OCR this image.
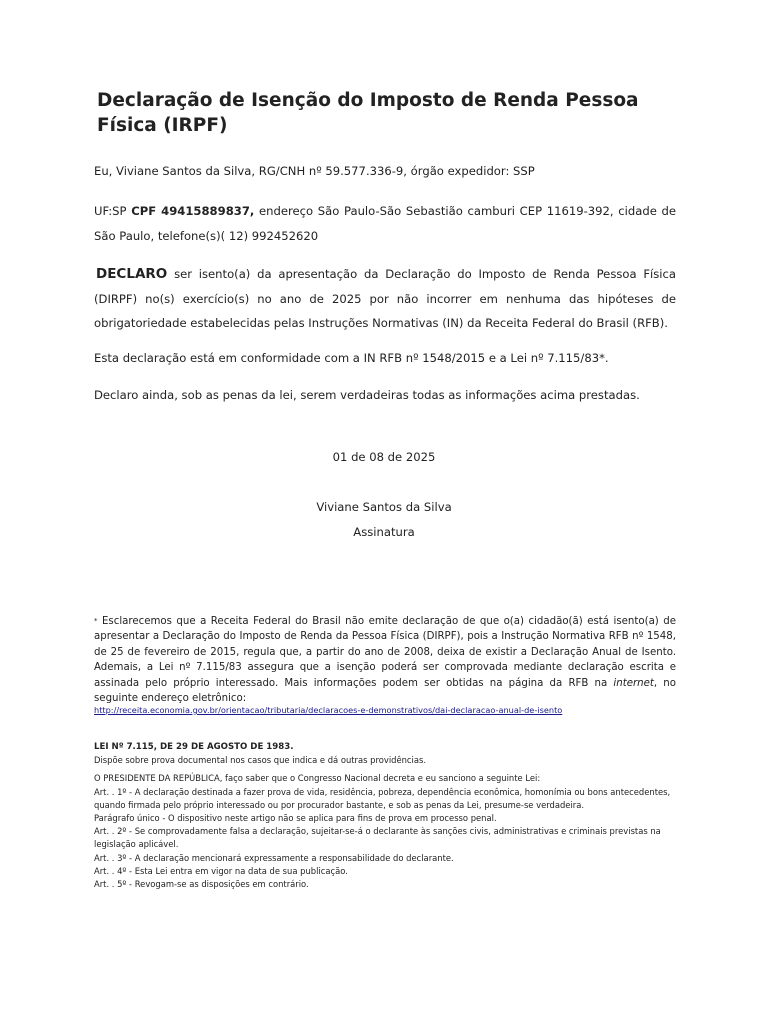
Declaração de Isenção do Imposto de Renda Pessoa Física (IRPF)

Eu, Viviane Santos da Silva, RG/CNH nº 59.577.336-9, órgão expedidor: SSP

UF:SP CPF 49415889837, endereço São Paulo-São Sebastião camburi CEP 11619-392, cidade de São Paulo, telefone(s)( 12) 992452620

DECLARO ser isento(a) da apresentação da Declaração do Imposto de Renda Pessoa Física (DIRPF) no(s) exercício(s) no ano de 2025 por não incorrer em nenhuma das hipóteses de obrigatoriedade estabelecidas pelas Instruções Normativas (IN) da Receita Federal do Brasil (RFB).

Esta declaração está em conformidade com a IN RFB nº 1548/2015 e a Lei nº 7.115/83*.

Declaro ainda, sob as penas da lei, serem verdadeiras todas as informações acima prestadas.

01 de 08 de 2025

Viviane Santos da Silva

Assinatura

* Esclarecemos que a Receita Federal do Brasil não emite declaração de que o(a) cidadão(ã) está isento(a) de apresentar a Declaração do Imposto de Renda da Pessoa Física (DIRPF), pois a Instrução Normativa RFB nº 1548, de 25 de fevereiro de 2015, regula que, a partir do ano de 2008, deixa de existir a Declaração Anual de Isento. Ademais, a Lei nº 7.115/83 assegura que a isenção poderá ser comprovada mediante declaração escrita e assinada pelo próprio interessado. Mais informações podem ser obtidas na página da RFB na internet, no seguinte endereço eletrônico:

http://receita.economia.gov.br/orientacao/tributaria/declaracoes-e-demonstrativos/dai-declaracao-anual-de-isento

LEI Nº 7.115, DE 29 DE AGOSTO DE 1983.

Dispõe sobre prova documental nos casos que indica e dá outras providências.

O PRESIDENTE DA REPÚBLICA, faço saber que o Congresso Nacional decreta e eu sanciono a seguinte Lei:

Art. . 1º - A declaração destinada a fazer prova de vida, residência, pobreza, dependência econômica, homonímia ou bons antecedentes, quando firmada pelo próprio interessado ou por procurador bastante, e sob as penas da Lei, presume-se verdadeira.

Parágrafo único - O dispositivo neste artigo não se aplica para fins de prova em processo penal.

Art. . 2º - Se comprovadamente falsa a declaração, sujeitar-se-á o declarante às sanções civis, administrativas e criminais previstas na legislação aplicável.

Art. . 3º - A declaração mencionará expressamente a responsabilidade do declarante.

Art. . 4º - Esta Lei entra em vigor na data de sua publicação.

Art. . 5º - Revogam-se as disposições em contrário.
